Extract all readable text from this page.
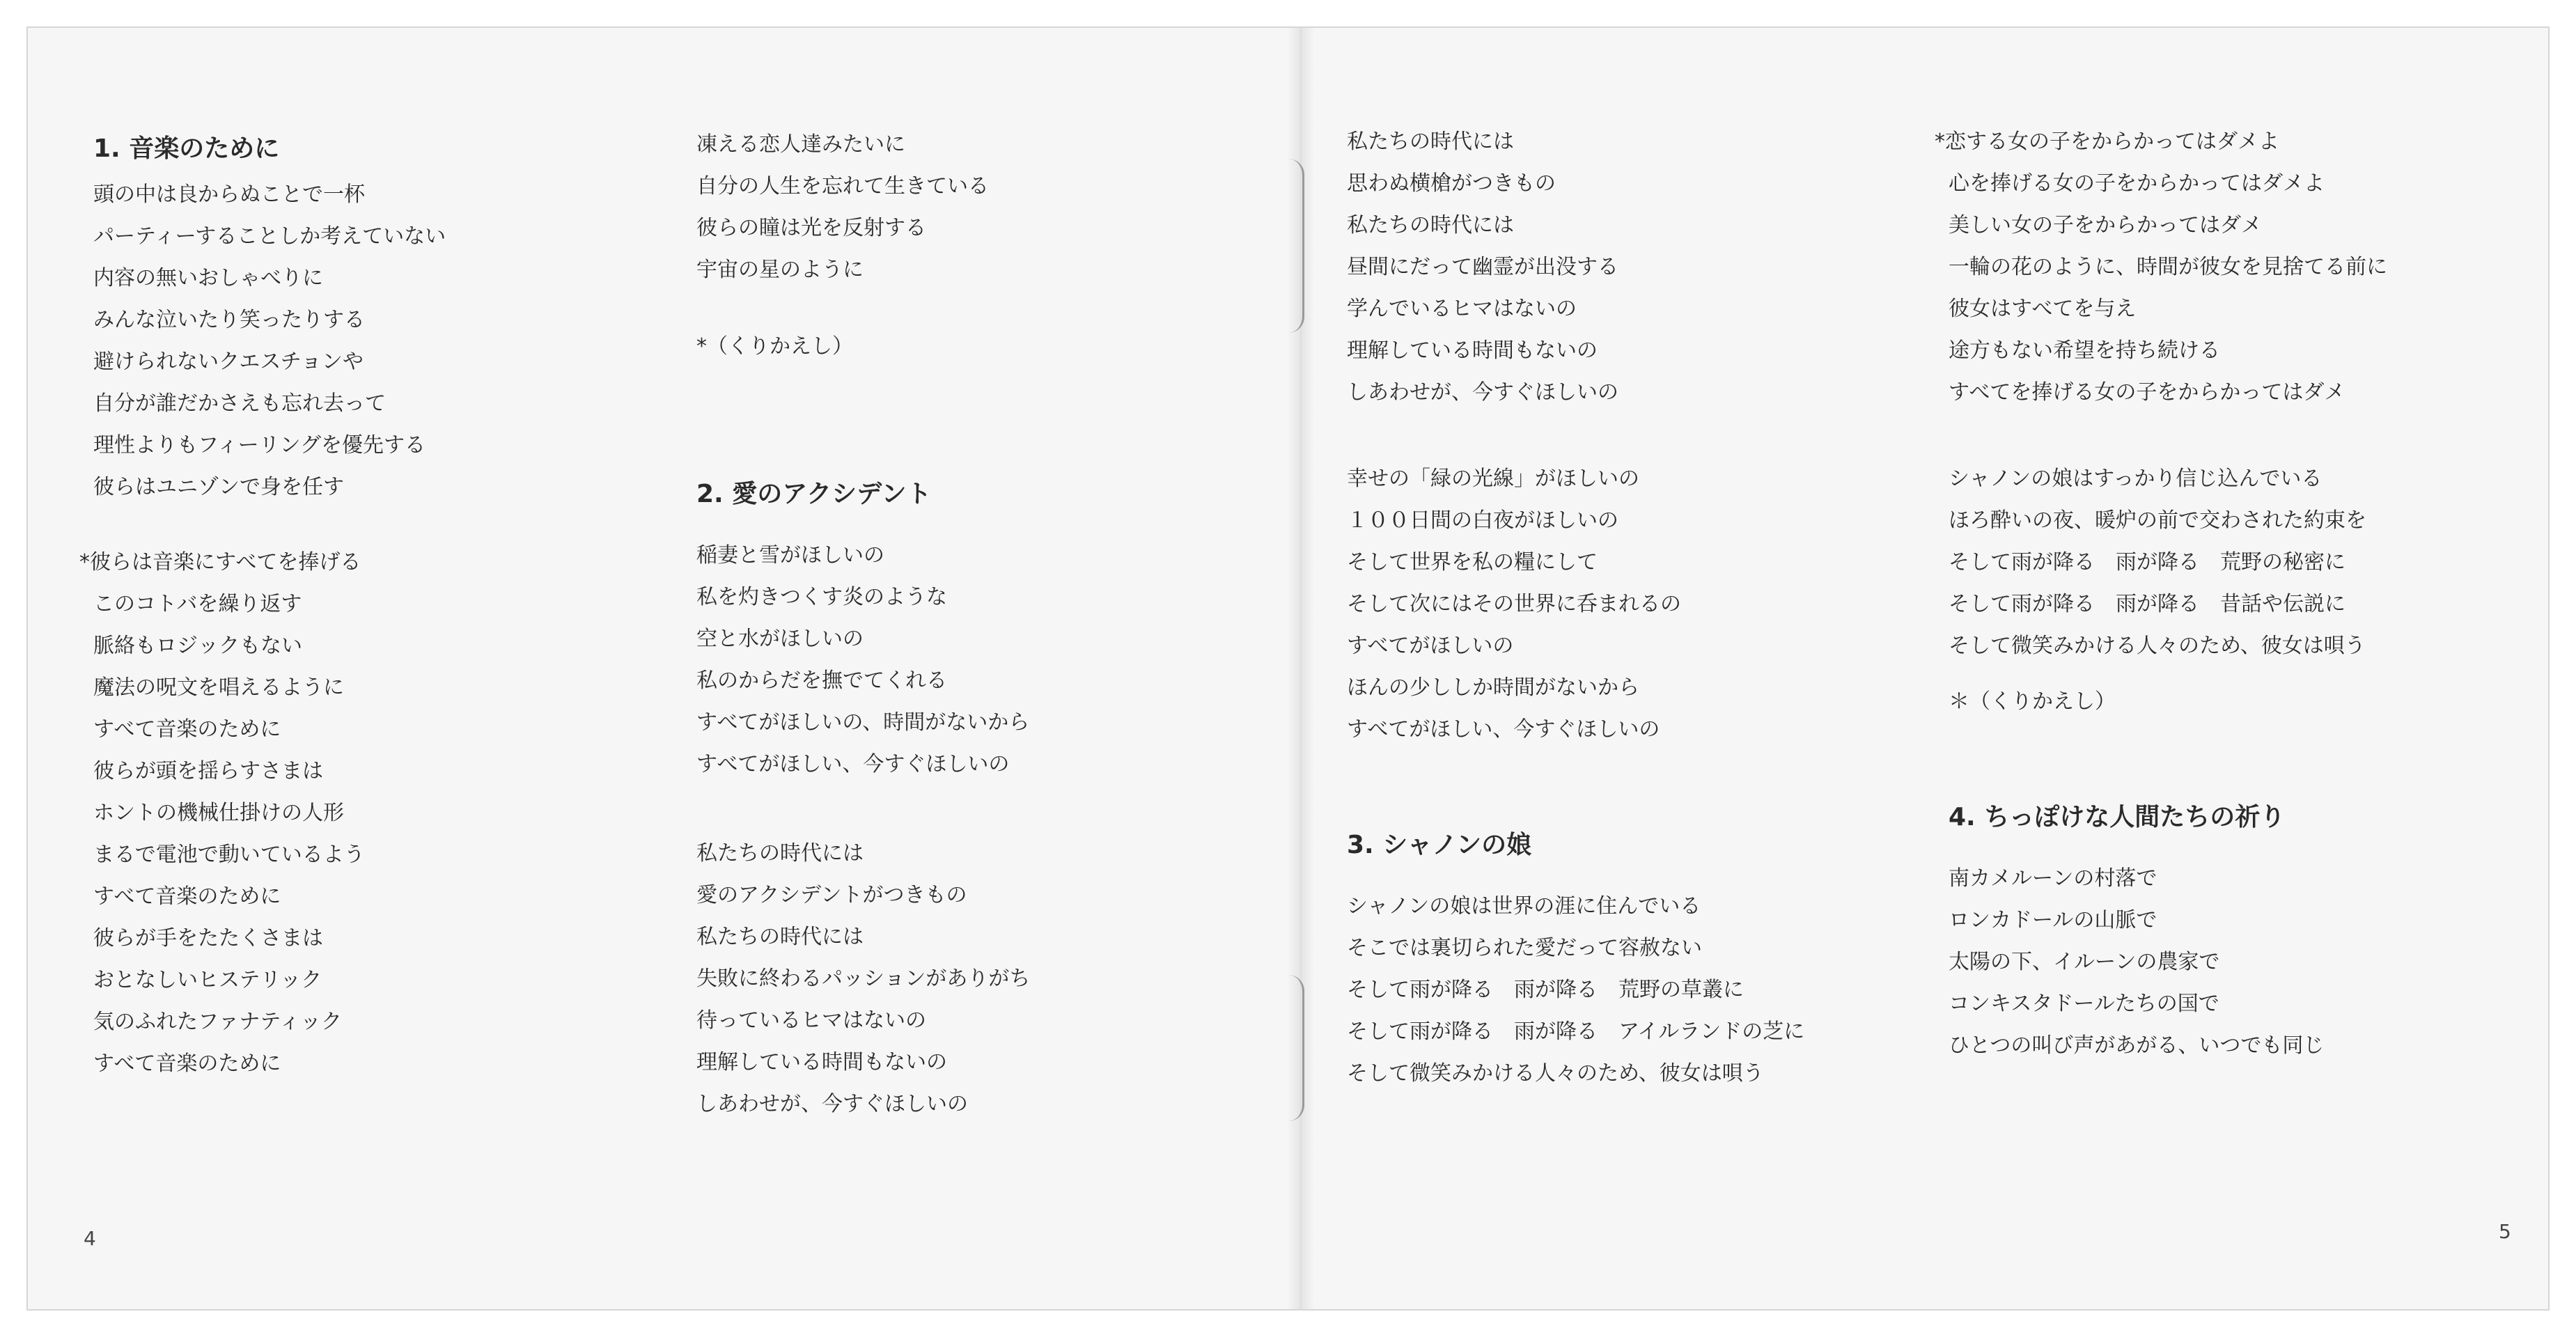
1. 音楽のために
頭の中は良からぬことで一杯
パーティーすることしか考えていない
内容の無いおしゃべりに
みんな泣いたり笑ったりする
避けられないクエスチョンや
自分が誰だかさえも忘れ去って
理性よりもフィーリングを優先する
彼らはユニゾンで身を任す
*彼らは音楽にすべてを捧げる
このコトバを繰り返す
脈絡もロジックもない
魔法の呪文を唱えるように
すべて音楽のために
彼らが頭を揺らすさまは
ホントの機械仕掛けの人形
まるで電池で動いているよう
すべて音楽のために
彼らが手をたたくさまは
おとなしいヒステリック
気のふれたファナティック
すべて音楽のために
凍える恋人達みたいに
自分の人生を忘れて生きている
彼らの瞳は光を反射する
宇宙の星のように
*（くりかえし）
2. 愛のアクシデント
稲妻と雪がほしいの
私を灼きつくす炎のような
空と水がほしいの
私のからだを撫でてくれる
すべてがほしいの、時間がないから
すべてがほしい、今すぐほしいの
私たちの時代には
愛のアクシデントがつきもの
私たちの時代には
失敗に終わるパッションがありがち
待っているヒマはないの
理解している時間もないの
しあわせが、今すぐほしいの
私たちの時代には
思わぬ横槍がつきもの
私たちの時代には
昼間にだって幽霊が出没する
学んでいるヒマはないの
理解している時間もないの
しあわせが、今すぐほしいの
幸せの「緑の光線」がほしいの
１００日間の白夜がほしいの
そして世界を私の糧にして
そして次にはその世界に呑まれるの
すべてがほしいの
ほんの少ししか時間がないから
すべてがほしい、今すぐほしいの
3. シャノンの娘
シャノンの娘は世界の涯に住んでいる
そこでは裏切られた愛だって容赦ない
そして雨が降る　雨が降る　荒野の草叢に
そして雨が降る　雨が降る　アイルランドの芝に
そして微笑みかける人々のため、彼女は唄う
*恋する女の子をからかってはダメよ
心を捧げる女の子をからかってはダメよ
美しい女の子をからかってはダメ
一輪の花のように、時間が彼女を見捨てる前に
彼女はすべてを与え
途方もない希望を持ち続ける
すべてを捧げる女の子をからかってはダメ
シャノンの娘はすっかり信じ込んでいる
ほろ酔いの夜、暖炉の前で交わされた約束を
そして雨が降る　雨が降る　荒野の秘密に
そして雨が降る　雨が降る　昔話や伝説に
そして微笑みかける人々のため、彼女は唄う
＊（くりかえし）
4. ちっぽけな人間たちの祈り
南カメルーンの村落で
ロンカドールの山脈で
太陽の下、イルーンの農家で
コンキスタドールたちの国で
ひとつの叫び声があがる、いつでも同じ
4	5
